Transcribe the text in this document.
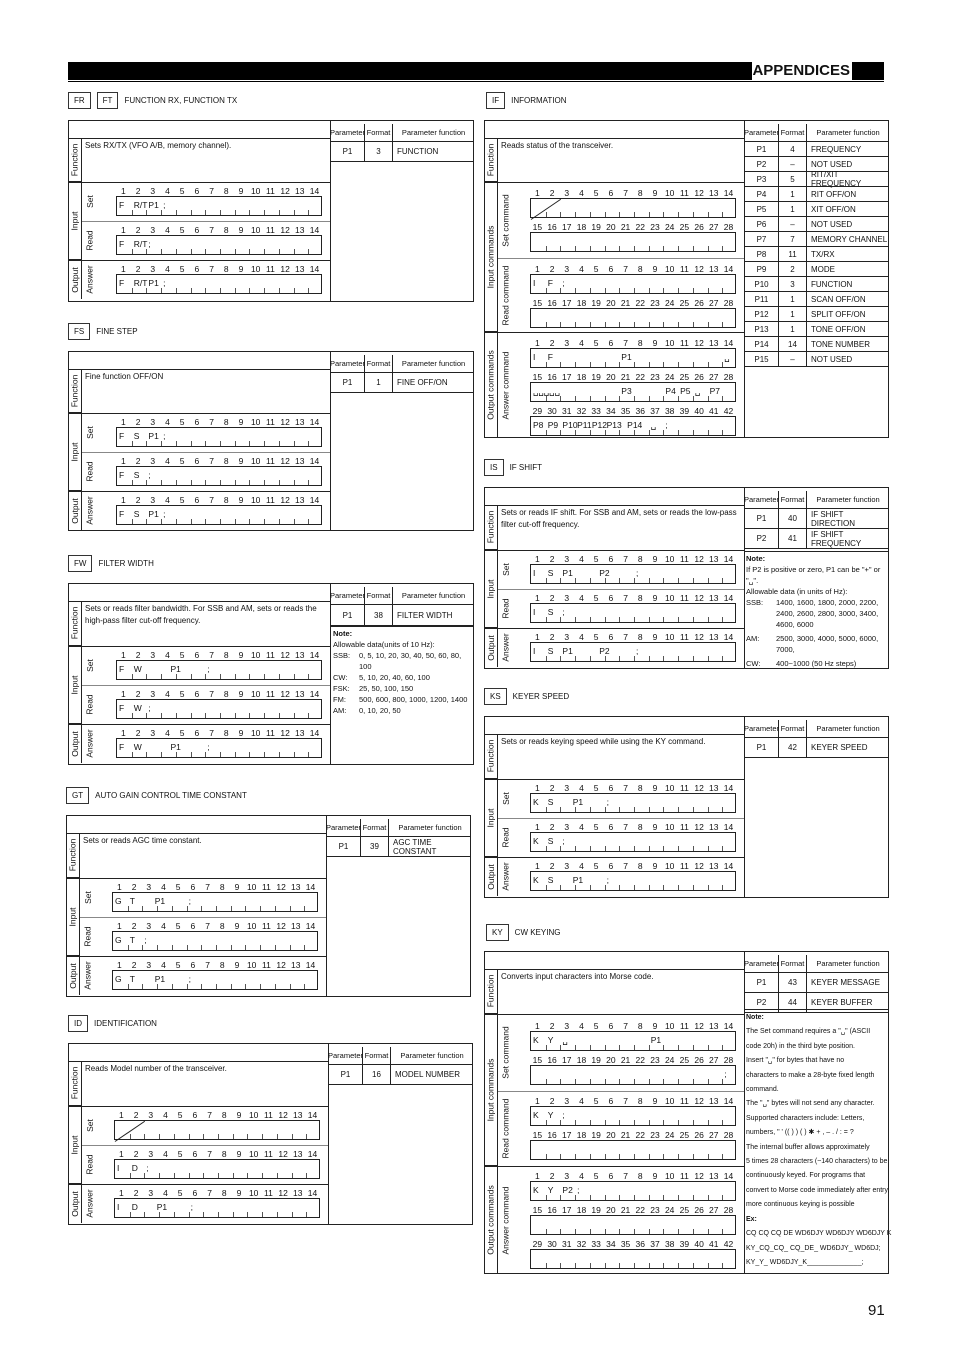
APPENDICES
FR	FT	FUNCTION RX, FUNCTION TX
Function Sets RX/TX (VFO A/B, memory channel).
Input
Output
Set
1	2	3	4	5	6	7	8	9 10 11 12 13 14
F R/T P1 ;
Read
1	2	3	4	5	6	7	8	9 10 11 12 13 14
F R/T ;
Answer	1	2	3	4	5	6	7	8	9 10 11 12 13 14
F R/T P1 ;
Parameter Format	Parameter function
P1	3	FUNCTION
FS	FINE STEP
Function Fine function OFF/ON
Input
Output
Set
1	2	3	4	5	6	7	8	9 10 11 12 13 14
F S P1 ;
Read
1	2	3	4	5	6	7	8	9 10 11 12 13 14
F S ;
Answer	1	2	3	4	5	6	7	8	9 10 11 12 13 14
F S P1 ;
Parameter Format	Parameter function
P1	1	FINE OFF/ON
FW	FILTER WIDTH
Function Sets or reads filter bandwidth. For SSB and AM, sets or reads the high-pass filter cut-off frequency.
Input
Output
Set
1	2	3	4	5	6	7	8	9 10 11 12 13 14
F W	P1	;
Read
1	2	3	4	5	6	7	8	9 10 11 12 13 14
F W ;
Answer	1	2	3	4	5	6	7	8	9 10 11 12 13 14
F W	P1	;
Parameter Format	Parameter function
P1	38	FILTER WIDTH
GT	AUTO GAIN CONTROL TIME CONSTANT
Function Sets or reads AGC time constant.
Input
Output
Set
1	2	3	4	5	6	7	8	9 10 11 12 13 14
G T P1	;
Read
1	2	3	4	5	6	7	8	9 10 11 12 13 14
G T ;
Answer	1	2	3	4	5	6	7	8	9 10 11 12 13 14
G T P1	;
Parameter Format	Parameter function
P1	39	AGC TIME CONSTANT
ID	IDENTIFICATION
Function Reads Model number of the transceiver.
Input
Output
Set
1	2	3	4	5	6	7	8	9 10 11 12 13 14
Read
1	2	3	4	5	6	7	8	9 10 11 12 13 14
I D ;
Answer	1	2	3	4	5	6	7	8	9 10 11 12 13 14
I D P1	;
Parameter Format	Parameter function
P1	16	MODEL NUMBER
IS	IF SHIFT
Function Sets or reads IF shift. For SSB and AM, sets or reads the low-pass filter cut-off frequency.
Input
Output
Set
1	2	3	4	5	6	7	8	9 10 11 12 13 14
I S P1	P2	;
Read
1	2	3	4	5	6	7	8	9 10 11 12 13 14
I S ;
Answer	1	2	3	4	5	6	7	8	9 10 11 12 13 14
I S P1	P2	;
Parameter Format	Parameter function
P1	40	IF SHIFT DIRECTION
P2	41	IF SHIFT FREQUENCY
KS	KEYER SPEED
Function Sets or reads keying speed while using the KY command.
Input
Output
Set
1	2	3	4	5	6	7	8	9 10 11 12 13 14
K S P1	;
Read
1	2	3	4	5	6	7	8	9 10 11 12 13 14
K S ;
Answer	1	2	3	4	5	6	7	8	9 10 11 12 13 14
K S P1	;
Parameter Format	Parameter function
P1	42	KEYER SPEED
Note:
Allowable data(units of 10 Hz):
SSB:	0, 5, 10, 20, 30, 40, 50, 60, 80, 100
CW:	5, 10, 20, 40, 60, 100
FSK:	25, 50, 100, 150
FM:	500, 600, 800, 1000, 1200, 1400
AM:	0, 10, 20, 50
Note:
If P2 is positive or zero, P1 can be "+" or "␣".
Allowable data (in units of Hz):
SSB:	1400, 1600, 1800, 2000, 2200, 2400, 2600, 2800, 3000, 3400, 4600, 6000
AM:	2500, 3000, 4000, 5000, 6000, 7000,
CW:	400~1000 (50 Hz steps)
IF	INFORMATION
Function Reads status of the transceiver.
Input commands
Output commands
Set command
Read command
Answer command
1	2	3	4	5	6	7	8	9 10 11 12 13 14
15 16 17 18 19 20 21 22 23 24 25 26 27 28
1	2	3	4	5	6	7	8	9 10 11 12 13 14
I F ;
15 16 17 18 19 20 21 22 23 24 25 26 27 28
1	2	3	4	5	6	7	8	9 10 11 12 13 14
I F	P1	␣
15 16 17 18 19 20 21 22 23 24 25 26 27 28
␣␣␣␣␣	P3	P4 P5 ␣ P7
29 30 31 32 33 34 35 36 37 38 39 40 41 42
P8 P9 P10 P11 P12 P13 P14 ␣ ;
Parameter Format	Parameter function
P1	4	FREQUENCY
P2	–	NOT USED
P3	5	RIT/XIT FREQUENCY
P4	1	RIT OFF/ON
P5	1	XIT OFF/ON
P6	–	NOT USED
P7	7	MEMORY CHANNEL
P8	11	TX/RX
P9	2	MODE
P10	3	FUNCTION
P11	1	SCAN OFF/ON
P12	1	SPLIT OFF/ON
P13	1	TONE OFF/ON
P14	14	TONE NUMBER
P15	–	NOT USED
KY	CW KEYING
Function Converts input characters into Morse code.
Input commands
Output commands
Set command
Read command
Answer command
1	2	3	4	5	6	7	8	9 10 11 12 13 14
K Y ␣	P1
15 16 17 18 19 20 21 22 23 24 25 26 27 28
;
1	2	3	4	5	6	7	8	9 10 11 12 13 14
K Y ;
15 16 17 18 19 20 21 22 23 24 25 26 27 28
1	2	3	4	5	6	7	8	9 10 11 12 13 14
K Y P2 ;
15 16 17 18 19 20 21 22 23 24 25 26 27 28
29 30 31 32 33 34 35 36 37 38 39 40 41 42
Parameter Format	Parameter function
P1	43	KEYER MESSAGE
P2	44	KEYER BUFFER
Note:
The Set command requires a "␣" (ASCII
code 20h) in the third byte position.
Insert "␣" for bytes that have no
characters to make a 28-byte fixed length
command.
The "␣" bytes will not send any character.
Supported characters include: Letters,
numbers, " ' (( ) ) ( ) ✱ + , – . / : = ?
The internal buffer allows approximately
5 times 28 characters (~140 characters) to be
continuously keyed. For programs that
convert to Morse code immediately after entry,
more continuous keying is possible
Ex:
CQ CQ CQ DE WD6DJY WD6DJY WD6DJY K
KY_CQ_CQ_ CQ_DE_ WD6DJY_ WD6DJ;
KY_Y_ WD6DJY_K______________;
91
